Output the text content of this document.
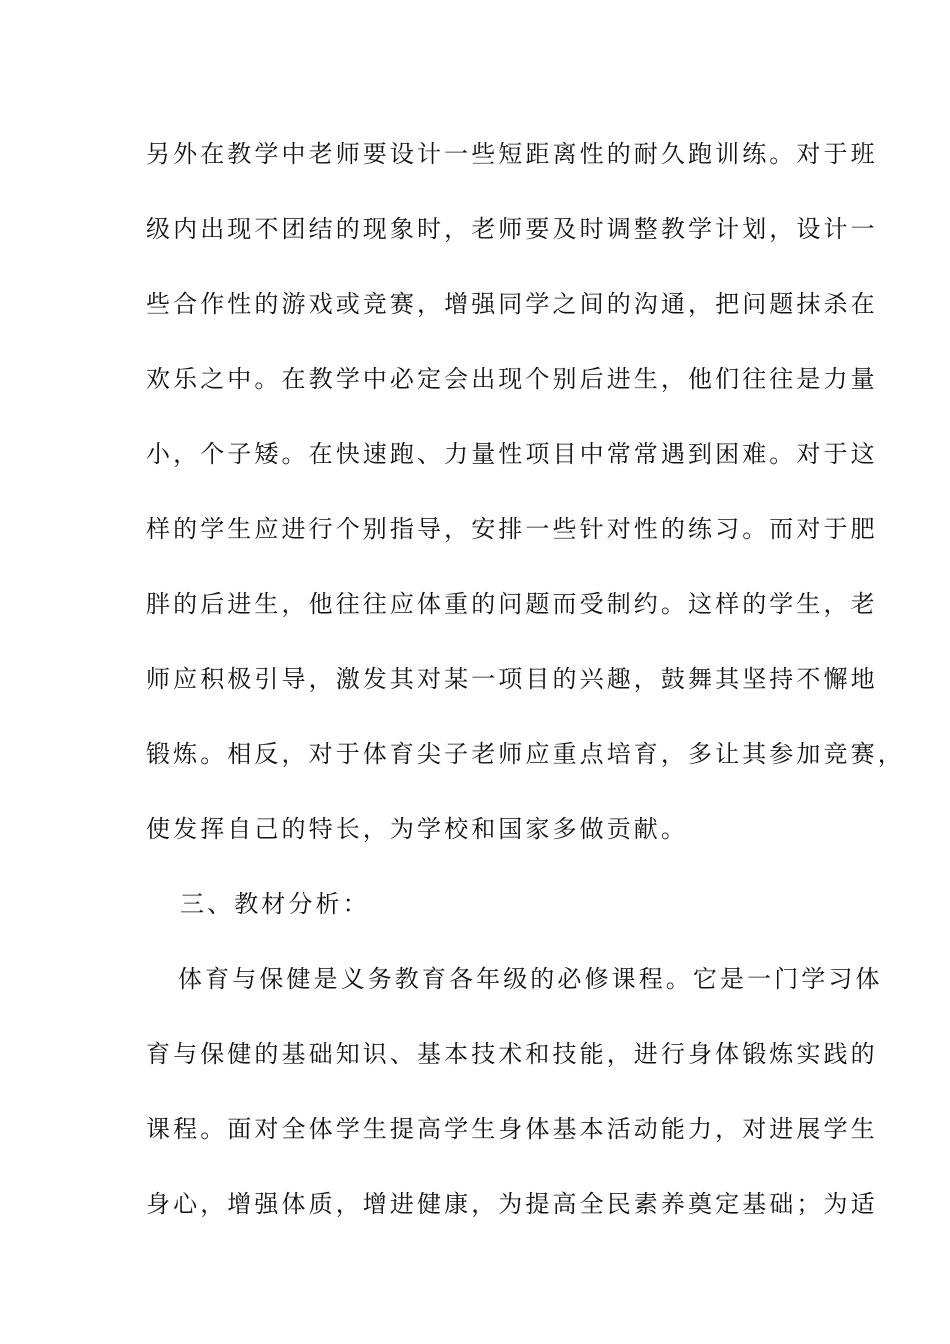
另外在教学中老师要设计一些短距离性的耐久跑训练。对于班
级内出现不团结的现象时，老师要及时调整教学计划，设计一
些合作性的游戏或竞赛，增强同学之间的沟通，把问题抹杀在
欢乐之中。在教学中必定会出现个别后进生，他们往往是力量
小，个子矮。在快速跑、力量性项目中常常遇到困难。对于这
样的学生应进行个别指导，安排一些针对性的练习。而对于肥
胖的后进生，他往往应体重的问题而受制约。这样的学生，老
师应积极引导，激发其对某一项目的兴趣，鼓舞其坚持不懈地
锻炼。相反，对于体育尖子老师应重点培育，多让其参加竞赛，
使发挥自己的特长，为学校和国家多做贡献。
三、教材分析：
体育与保健是义务教育各年级的必修课程。它是一门学习体
育与保健的基础知识、基本技术和技能，进行身体锻炼实践的
课程。面对全体学生提高学生身体基本活动能力，对进展学生
身心，增强体质，增进健康，为提高全民素养奠定基础；为适
